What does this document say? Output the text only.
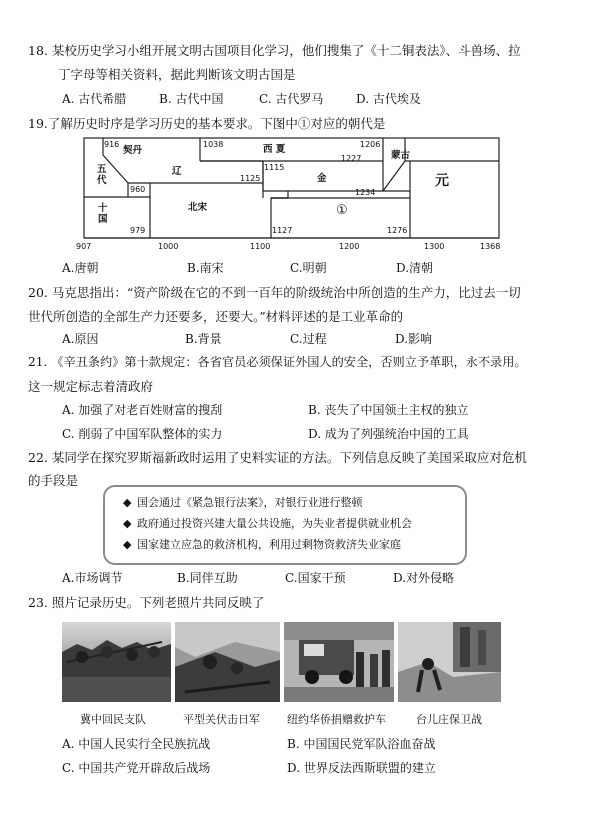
18. 某校历史学习小组开展文明古国项目化学习，他们搜集了《十二铜表法》、斗兽场、拉
丁字母等相关资料，据此判断该文明古国是
A. 古代希腊	B. 古代中国	C. 古代罗马	D. 古代埃及
19.了解历史时序是学习历史的基本要求。下图中①对应的朝代是
916
契丹
1038	西 夏	1206
1227	蒙古
五
代
辽	1115
1125	金
1234
元
960
十
国
北宋	①
979	1127	1276
907	1000	1100	1200	1300	1368
A.唐朝	B.南宋	C.明朝	D.清朝
20. 马克思指出：“资产阶级在它的不到一百年的阶级统治中所创造的生产力，比过去一切
世代所创造的全部生产力还要多，还要大。”材料评述的是工业革命的
A.原因	B.背景	C.过程	D.影响
21. 《辛丑条约》第十款规定：各省官员必须保证外国人的安全，否则立予革职，永不录用。
这一规定标志着清政府
A. 加强了对老百姓财富的搜刮	B. 丧失了中国领土主权的独立
C. 削弱了中国军队整体的实力	D. 成为了列强统治中国的工具
22. 某同学在探究罗斯福新政时运用了史料实证的方法。下列信息反映了美国采取应对危机
的手段是
◆ 国会通过《紧急银行法案》，对银行业进行整顿
◆ 政府通过投资兴建大量公共设施，为失业者提供就业机会
◆ 国家建立应急的救济机构，利用过剩物资救济失业家庭
A.市场调节	B.同伴互助	C.国家干预	D.对外侵略
23. 照片记录历史。下列老照片共同反映了
冀中回民支队	平型关伏击日军 纽约华侨捐赠救护车	台儿庄保卫战
A. 中国人民实行全民族抗战	B. 中国国民党军队浴血奋战
C. 中国共产党开辟敌后战场	D. 世界反法西斯联盟的建立
